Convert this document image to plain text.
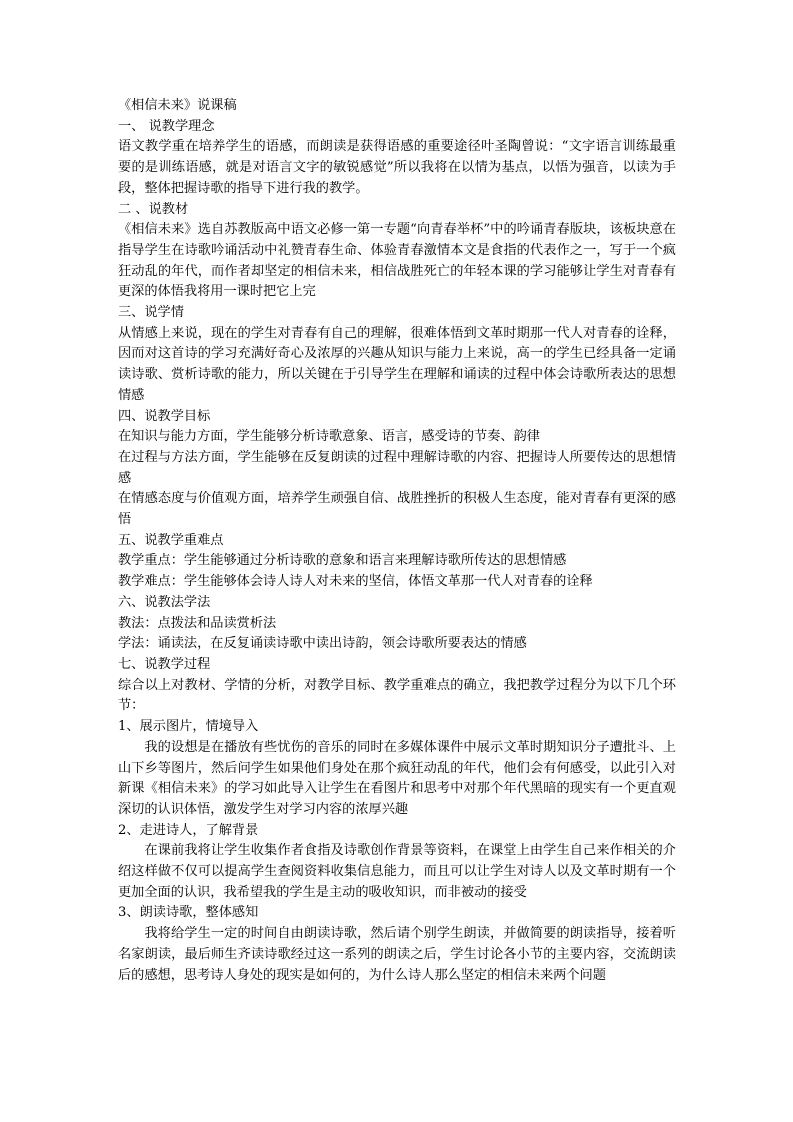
《相信未来》说课稿

一、 说教学理念

语文教学重在培养学生的语感，而朗读是获得语感的重要途径叶圣陶曾说：“文字语言训练最重要的是训练语感，就是对语言文字的敏锐感觉”所以我将在以情为基点，以悟为强音，以读为手段，整体把握诗歌的指导下进行我的教学。

二 、说教材

《相信未来》选自苏教版高中语文必修一第一专题“向青春举杯”中的吟诵青春版块，该板块意在指导学生在诗歌吟诵活动中礼赞青春生命、体验青春激情本文是食指的代表作之一，写于一个疯狂动乱的年代，而作者却坚定的相信未来，相信战胜死亡的年轻本课的学习能够让学生对青春有更深的体悟我将用一课时把它上完

三、说学情

从情感上来说，现在的学生对青春有自己的理解，很难体悟到文革时期那一代人对青春的诠释，因而对这首诗的学习充满好奇心及浓厚的兴趣从知识与能力上来说，高一的学生已经具备一定诵读诗歌、赏析诗歌的能力，所以关键在于引导学生在理解和诵读的过程中体会诗歌所表达的思想情感

四、说教学目标

在知识与能力方面，学生能够分析诗歌意象、语言，感受诗的节奏、韵律

在过程与方法方面，学生能够在反复朗读的过程中理解诗歌的内容、把握诗人所要传达的思想情感

在情感态度与价值观方面，培养学生顽强自信、战胜挫折的积极人生态度，能对青春有更深的感悟

五、说教学重难点

教学重点：学生能够通过分析诗歌的意象和语言来理解诗歌所传达的思想情感

教学难点：学生能够体会诗人诗人对未来的坚信，体悟文革那一代人对青春的诠释

六、说教法学法

教法：点拨法和品读赏析法

学法：诵读法，在反复诵读诗歌中读出诗韵，领会诗歌所要表达的情感

七、说教学过程

综合以上对教材、学情的分析，对教学目标、教学重难点的确立，我把教学过程分为以下几个环节：

1、展示图片，情境导入

我的设想是在播放有些忧伤的音乐的同时在多媒体课件中展示文革时期知识分子遭批斗、上山下乡等图片，然后问学生如果他们身处在那个疯狂动乱的年代，他们会有何感受，以此引入对新课《相信未来》的学习如此导入让学生在看图片和思考中对那个年代黑暗的现实有一个更直观深切的认识体悟，激发学生对学习内容的浓厚兴趣

2、走进诗人，了解背景

在课前我将让学生收集作者食指及诗歌创作背景等资料，在课堂上由学生自己来作相关的介绍这样做不仅可以提高学生查阅资料收集信息能力，而且可以让学生对诗人以及文革时期有一个更加全面的认识，我希望我的学生是主动的吸收知识，而非被动的接受

3、朗读诗歌，整体感知

我将给学生一定的时间自由朗读诗歌，然后请个别学生朗读，并做简要的朗读指导，接着听名家朗读，最后师生齐读诗歌经过这一系列的朗读之后，学生讨论各小节的主要内容，交流朗读后的感想，思考诗人身处的现实是如何的，为什么诗人那么坚定的相信未来两个问题
